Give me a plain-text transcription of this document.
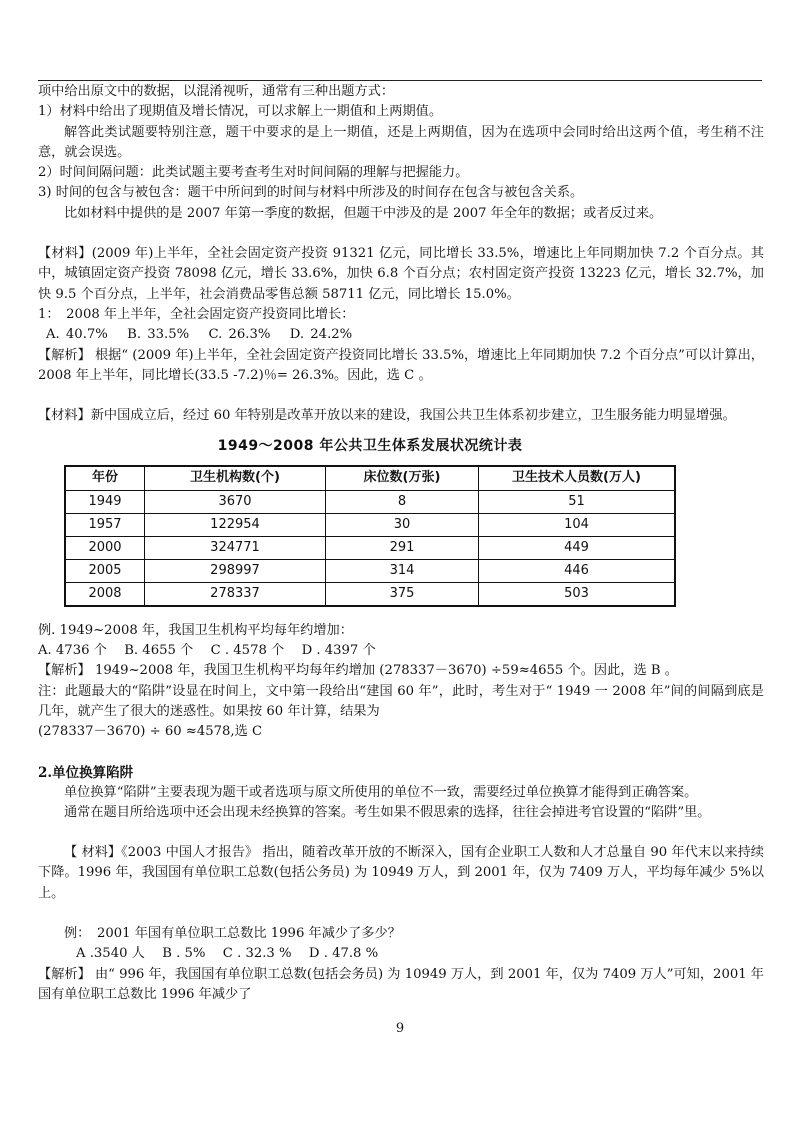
项中给出原文中的数据，以混淆视听，通常有三种出题方式：

1）材料中给出了现期值及增长情况，可以求解上一期值和上两期值。

解答此类试题要特别注意，题干中要求的是上一期值，还是上两期值，因为在选项中会同时给出这两个值，考生稍不注意，就会误选。

2）时间间隔问题：此类试题主要考查考生对时间间隔的理解与把握能力。

3) 时间的包含与被包含：题干中所问到的时间与材料中所涉及的时间存在包含与被包含关系。

比如材料中提供的是 2007 年第一季度的数据，但题干中涉及的是 2007 年全年的数据；或者反过来。

【材料】(2009 年)上半年，全社会固定资产投资 91321 亿元，同比增长 33.5%，增速比上年同期加快 7.2 个百分点。其中，城镇固定资产投资 78098 亿元，增长 33.6%，加快 6.8 个百分点；农村固定资产投资 13223 亿元，增长 32.7%，加快 9.5 个百分点，上半年，社会消费品零售总额 58711 亿元，同比增长 15.0%。

1：　2008 年上半年，全社会固定资产投资同比增长：

A. 40.7%　 B. 33.5%　 C. 26.3%　 D. 24.2%

【解析】 根据“ (2009 年)上半年，全社会固定资产投资同比增长 33.5%，增速比上年同期加快 7.2 个百分点”可以计算出， 2008 年上半年，同比增长(33.5 -7.2)％= 26.3%。因此，选 C 。

【材料】新中国成立后，经过 60 年特别是改革开放以来的建设，我国公共卫生体系初步建立，卫生服务能力明显增强。

1949～2008 年公共卫生体系发展状况统计表
年份	卫生机构数(个)	床位数(万张)	卫生技术人员数(万人)
1949	3670	8	51
1957	122954	30	104
2000	324771	291	449
2005	298997	314	446
2008	278337	375	503

例. 1949~2008 年，我国卫生机构平均每年约增加：

A. 4736 个　 B. 4655 个　 C . 4578 个　 D . 4397 个

【解析】 1949~2008 年，我国卫生机构平均每年约增加 (278337－3670) ÷59≈4655 个。因此，选 B 。

注：此题最大的“陷阱”设显在时间上，文中第一段给出“建国 60 年”，此时，考生对于“ 1949 一 2008 年”间的间隔到底是几年，就产生了很大的迷惑性。如果按 60 年计算，结果为

(278337－3670) ÷ 60 ≈4578,选 C

2.单位换算陷阱

单位换算“陷阱”主要表现为题干或者选项与原文所使用的单位不一致，需要经过单位换算才能得到正确答案。

通常在题目所给选项中还会出现未经换算的答案。考生如果不假思索的选择，往往会掉进考官设置的“陷阱”里。

【 材料】《2003 中国人才报告》 指出，随着改革开放的不断深入，国有企业职工人数和人才总量自 90 年代末以来持续下降。1996 年，我国国有单位职工总数(包括公务员) 为 10949 万人，到 2001 年，仅为 7409 万人，平均每年减少 5%以上。

例：　2001 年国有单位职工总数比 1996 年减少了多少？

A .3540 人　 B . 5%　 C . 32.3 %　 D . 47.8 %

【解析】 由“ 996 年，我国国有单位职工总数(包括会务员) 为 10949 万人，到 2001 年，仅为 7409 万人”可知，2001 年国有单位职工总数比 1996 年减少了

9
